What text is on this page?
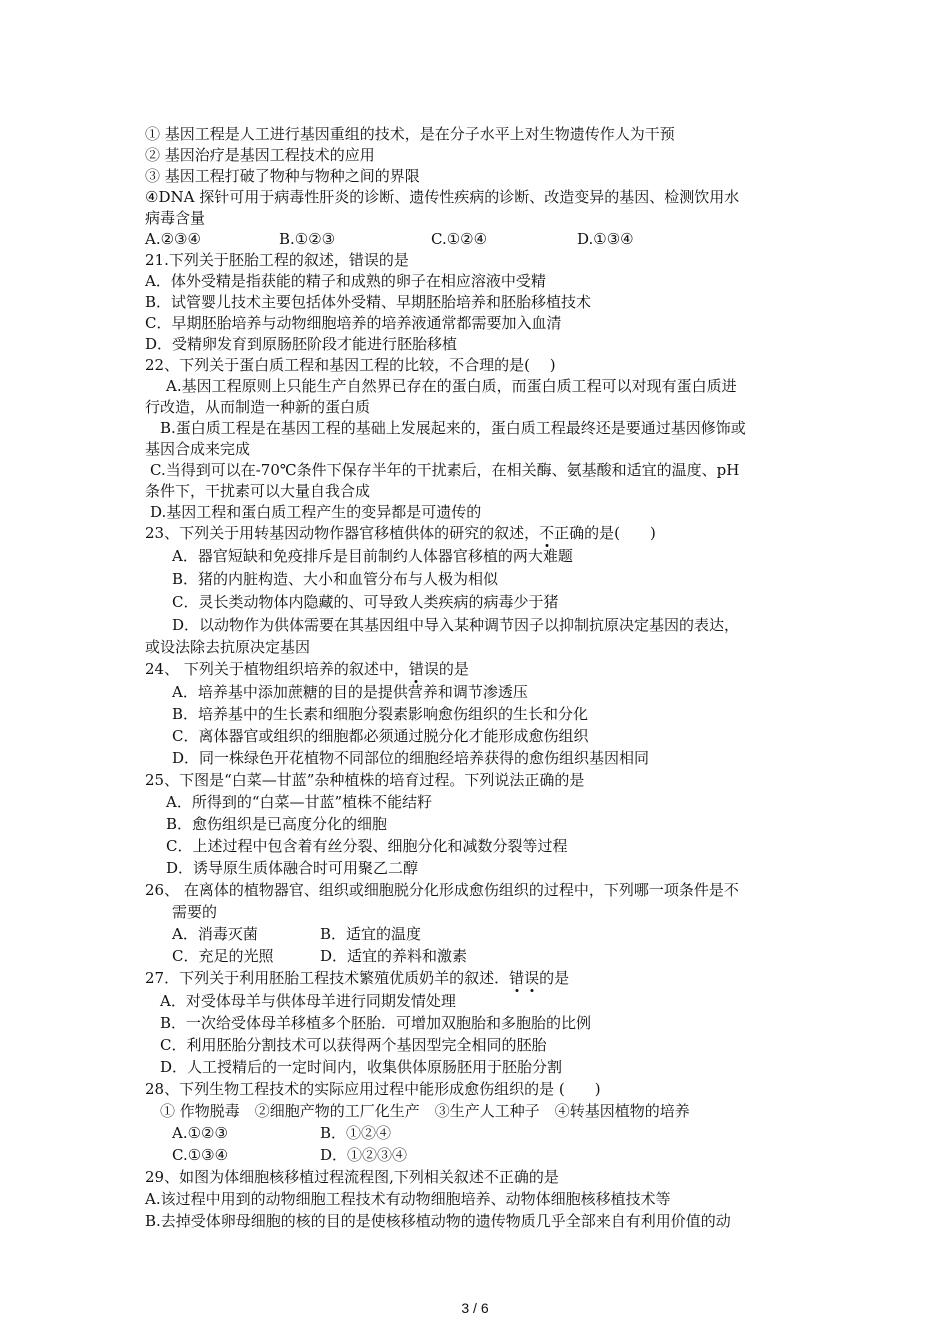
① 基因工程是人工进行基因重组的技术，是在分子水平上对生物遗传作人为干预
② 基因治疗是基因工程技术的应用
③ 基因工程打破了物种与物种之间的界限
④DNA 探针可用于病毒性肝炎的诊断、遗传性疾病的诊断、改造变异的基因、检测饮用水
病毒含量
A.②③④	B.①②③	C.①②④	D.①③④
21.下列关于胚胎工程的叙述，错误的是
A．体外受精是指获能的精子和成熟的卵子在相应溶液中受精
B．试管婴儿技术主要包括体外受精、早期胚胎培养和胚胎移植技术
C．早期胚胎培养与动物细胞培养的培养液通常都需要加入血清
D．受精卵发育到原肠胚阶段才能进行胚胎移植
22、下列关于蛋白质工程和基因工程的比较，不合理的是(　 )
A.基因工程原则上只能生产自然界已存在的蛋白质，而蛋白质工程可以对现有蛋白质进
行改造，从而制造一种新的蛋白质
B.蛋白质工程是在基因工程的基础上发展起来的，蛋白质工程最终还是要通过基因修饰或
基因合成来完成
C.当得到可以在-70℃条件下保存半年的干扰素后，在相关酶、氨基酸和适宜的温度、pH
条件下，干扰素可以大量自我合成
D.基因工程和蛋白质工程产生的变异都是可遗传的
23、下列关于用转基因动物作器官移植供体的研究的叙述，不正确的是(　　)
A．器官短缺和免疫排斥是目前制约人体器官移植的两大难题
B．猪的内脏构造、大小和血管分布与人极为相似
C．灵长类动物体内隐藏的、可导致人类疾病的病毒少于猪
D．以动物作为供体需要在其基因组中导入某种调节因子以抑制抗原决定基因的表达，
或设法除去抗原决定基因
24、 下列关于植物组织培养的叙述中，错误的是
A．培养基中添加蔗糖的目的是提供营养和调节渗透压
B．培养基中的生长素和细胞分裂素影响愈伤组织的生长和分化
C．离体器官或组织的细胞都必须通过脱分化才能形成愈伤组织
D．同一株绿色开花植物不同部位的细胞经培养获得的愈伤组织基因相同
25、下图是“白菜—甘蓝”杂种植株的培育过程。下列说法正确的是
A．所得到的“白菜—甘蓝”植株不能结籽
B．愈伤组织是已高度分化的细胞
C．上述过程中包含着有丝分裂、细胞分化和减数分裂等过程
D．诱导原生质体融合时可用聚乙二醇
26、 在离体的植物器官、组织或细胞脱分化形成愈伤组织的过程中，下列哪一项条件是不
需要的
A．消毒灭菌	B．适宜的温度
C．充足的光照	D．适宜的养料和激素
27．下列关于利用胚胎工程技术繁殖优质奶羊的叙述．错误的是
A．对受体母羊与供体母羊进行同期发情处理
B．一次给受体母羊移植多个胚胎．可增加双胞胎和多胞胎的比例
C．利用胚胎分割技术可以获得两个基因型完全相同的胚胎
D．人工授精后的一定时间内，收集供体原肠胚用于胚胎分割
28、下列生物工程技术的实际应用过程中能形成愈伤组织的是 (　　)
① 作物脱毒　②细胞产物的工厂化生产　③生产人工种子　④转基因植物的培养
A.①②③	B．①②④
C.①③④	D．①②③④
29、如图为体细胞核移植过程流程图,下列相关叙述不正确的是
A.该过程中用到的动物细胞工程技术有动物细胞培养、动物体细胞核移植技术等
B.去掉受体卵母细胞的核的目的是使核移植动物的遗传物质几乎全部来自有利用价值的动
3 / 6
